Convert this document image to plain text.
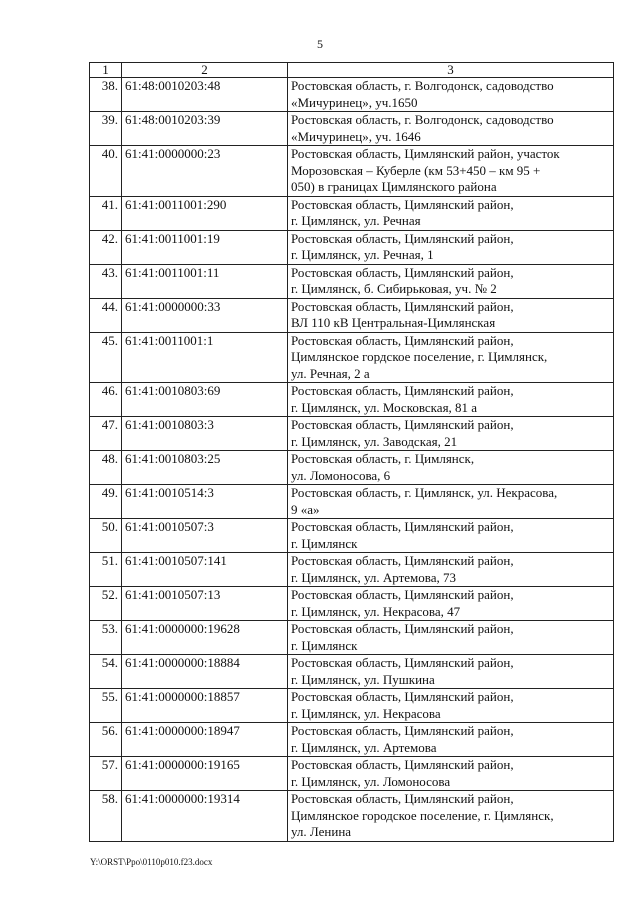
5
1	2	3
38.	61:48:0010203:48	Ростовская область, г. Волгодонск, садоводство
«Мичуринец», уч.1650
39.	61:48:0010203:39	Ростовская область, г. Волгодонск, садоводство
«Мичуринец», уч. 1646
40.	61:41:0000000:23	Ростовская область, Цимлянский район, участок
Морозовская – Куберле (км 53+450 – км 95 +
050) в границах Цимлянского района
41.	61:41:0011001:290	Ростовская область, Цимлянский район,
г. Цимлянск, ул. Речная
42.	61:41:0011001:19	Ростовская область, Цимлянский район,
г. Цимлянск, ул. Речная, 1
43.	61:41:0011001:11	Ростовская область, Цимлянский район,
г. Цимлянск, б. Сибирьковая, уч. № 2
44.	61:41:0000000:33	Ростовская область, Цимлянский район,
ВЛ 110 кВ Центральная-Цимлянская
45.	61:41:0011001:1	Ростовская область, Цимлянский район,
Цимлянское гордское поселение, г. Цимлянск,
ул. Речная, 2 а
46.	61:41:0010803:69	Ростовская область, Цимлянский район,
г. Цимлянск, ул. Московская, 81 а
47.	61:41:0010803:3	Ростовская область, Цимлянский район,
г. Цимлянск, ул. Заводская, 21
48.	61:41:0010803:25	Ростовская область, г. Цимлянск,
ул. Ломоносова, 6
49.	61:41:0010514:3	Ростовская область, г. Цимлянск, ул. Некрасова,
9 «а»
50.	61:41:0010507:3	Ростовская область, Цимлянский район,
г. Цимлянск
51.	61:41:0010507:141	Ростовская область, Цимлянский район,
г. Цимлянск, ул. Артемова, 73
52.	61:41:0010507:13	Ростовская область, Цимлянский район,
г. Цимлянск, ул. Некрасова, 47
53.	61:41:0000000:19628	Ростовская область, Цимлянский район,
г. Цимлянск
54.	61:41:0000000:18884	Ростовская область, Цимлянский район,
г. Цимлянск, ул. Пушкина
55.	61:41:0000000:18857	Ростовская область, Цимлянский район,
г. Цимлянск, ул. Некрасова
56.	61:41:0000000:18947	Ростовская область, Цимлянский район,
г. Цимлянск, ул. Артемова
57.	61:41:0000000:19165	Ростовская область, Цимлянский район,
г. Цимлянск, ул. Ломоносова
58.	61:41:0000000:19314	Ростовская область, Цимлянский район,
Цимлянское городское поселение, г. Цимлянск,
ул. Ленина
Y:\ORST\Ppo\0110p010.f23.docx
